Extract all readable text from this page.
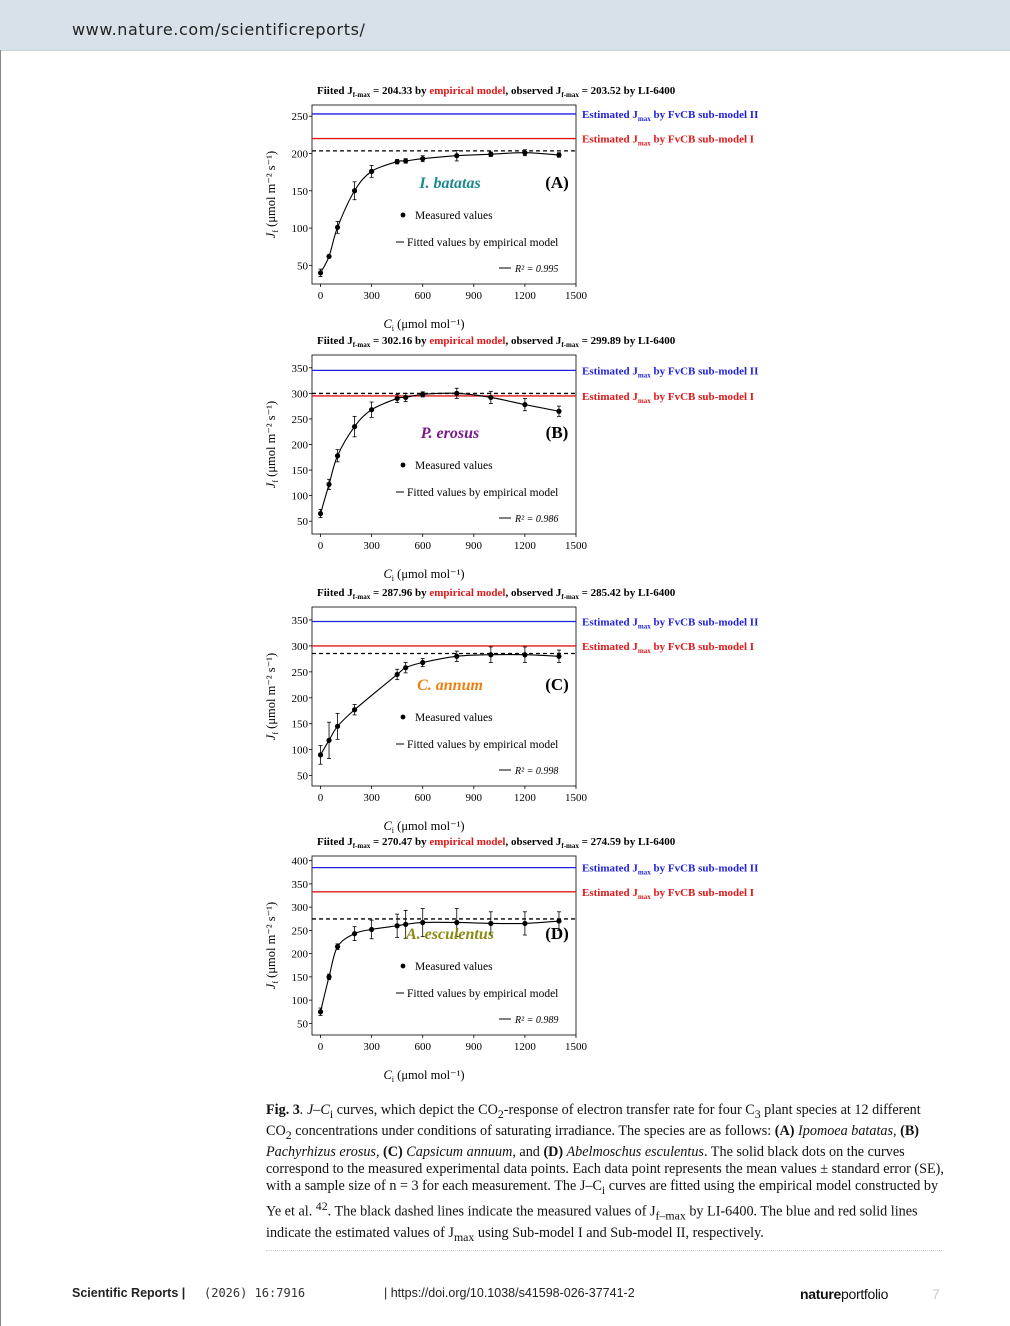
www.nature.com/scientificreports/
Fiited $J_{f-max} = 204.33$ by empirical model, observed $J_{f-max} = 203.52$ by LI-6400
Estimated $J_{max}$ by FvCB sub-model II
Estimated $J_{max}$ by FvCB sub-model I
0	300	600	900	1200	1500
50
100
150
200
250
$C_i$ (μmol mol⁻¹)
$J_f$ (μmol m⁻² s⁻¹)	I. batatas	(A)
Measured values
Fitted values by empirical model
R² = 0.995
Fiited $J_{f-max} = 302.16$ by empirical model, observed $J_{f-max} = 299.89$ by LI-6400
Estimated $J_{max}$ by FvCB sub-model II
Estimated $J_{max}$ by FvCB sub-model I
0	300	600	900	1200	1500
50
100
150
200
250
300
350
$C_i$ (μmol mol⁻¹)
$J_f$ (μmol m⁻² s⁻¹)	P. erosus	(B)
Measured values
Fitted values by empirical model
R² = 0.986
Fiited $J_{f-max} = 287.96$ by empirical model, observed $J_{f-max} = 285.42$ by LI-6400
Estimated $J_{max}$ by FvCB sub-model II
Estimated $J_{max}$ by FvCB sub-model I
0	300	600	900	1200	1500
50
100
150
200
250
300
350
$C_i$ (μmol mol⁻¹)
$J_f$ (μmol m⁻² s⁻¹)	C. annum	(C)
Measured values
Fitted values by empirical model
R² = 0.998
Fiited $J_{f-max} = 270.47$ by empirical model, observed $J_{f-max} = 274.59$ by LI-6400
Estimated $J_{max}$ by FvCB sub-model II
Estimated $J_{max}$ by FvCB sub-model I
0	300	600	900	1200	1500
50
100
150
200
250
300
350
400
$C_i$ (μmol mol⁻¹)
$J_f$ (μmol m⁻² s⁻¹)	A. esculentus	(D)
Measured values
Fitted values by empirical model
R² = 0.989
Fig. 3. $J-C_i$ curves, which depict the $CO_2$-response of electron transfer rate for four $C_3$ plant species at 12 different $CO_2$ concentrations under conditions of saturating irradiance. The species are as follows: (A) Ipomoea batatas, (B) Pachyrhizus erosus, (C) Capsicum annuum, and (D) Abelmoschus esculentus. The solid black dots on the curves correspond to the measured experimental data points. Each data point represents the mean values ± standard error (SE), with a sample size of n = 3 for each measurement. The $J-C_i$ curves are fitted using the empirical model constructed by Ye et al. $^{42}$. The black dashed lines indicate the measured values of $J_{f-max}$ by LI-6400. The blue and red solid lines indicate the estimated values of $J_{max}$ using Sub-model I and Sub-model II, respectively.
Scientific Reports | (2026) 16:7916	| https://doi.org/10.1038/s41598-026-37741-2	natureportfolio	7
